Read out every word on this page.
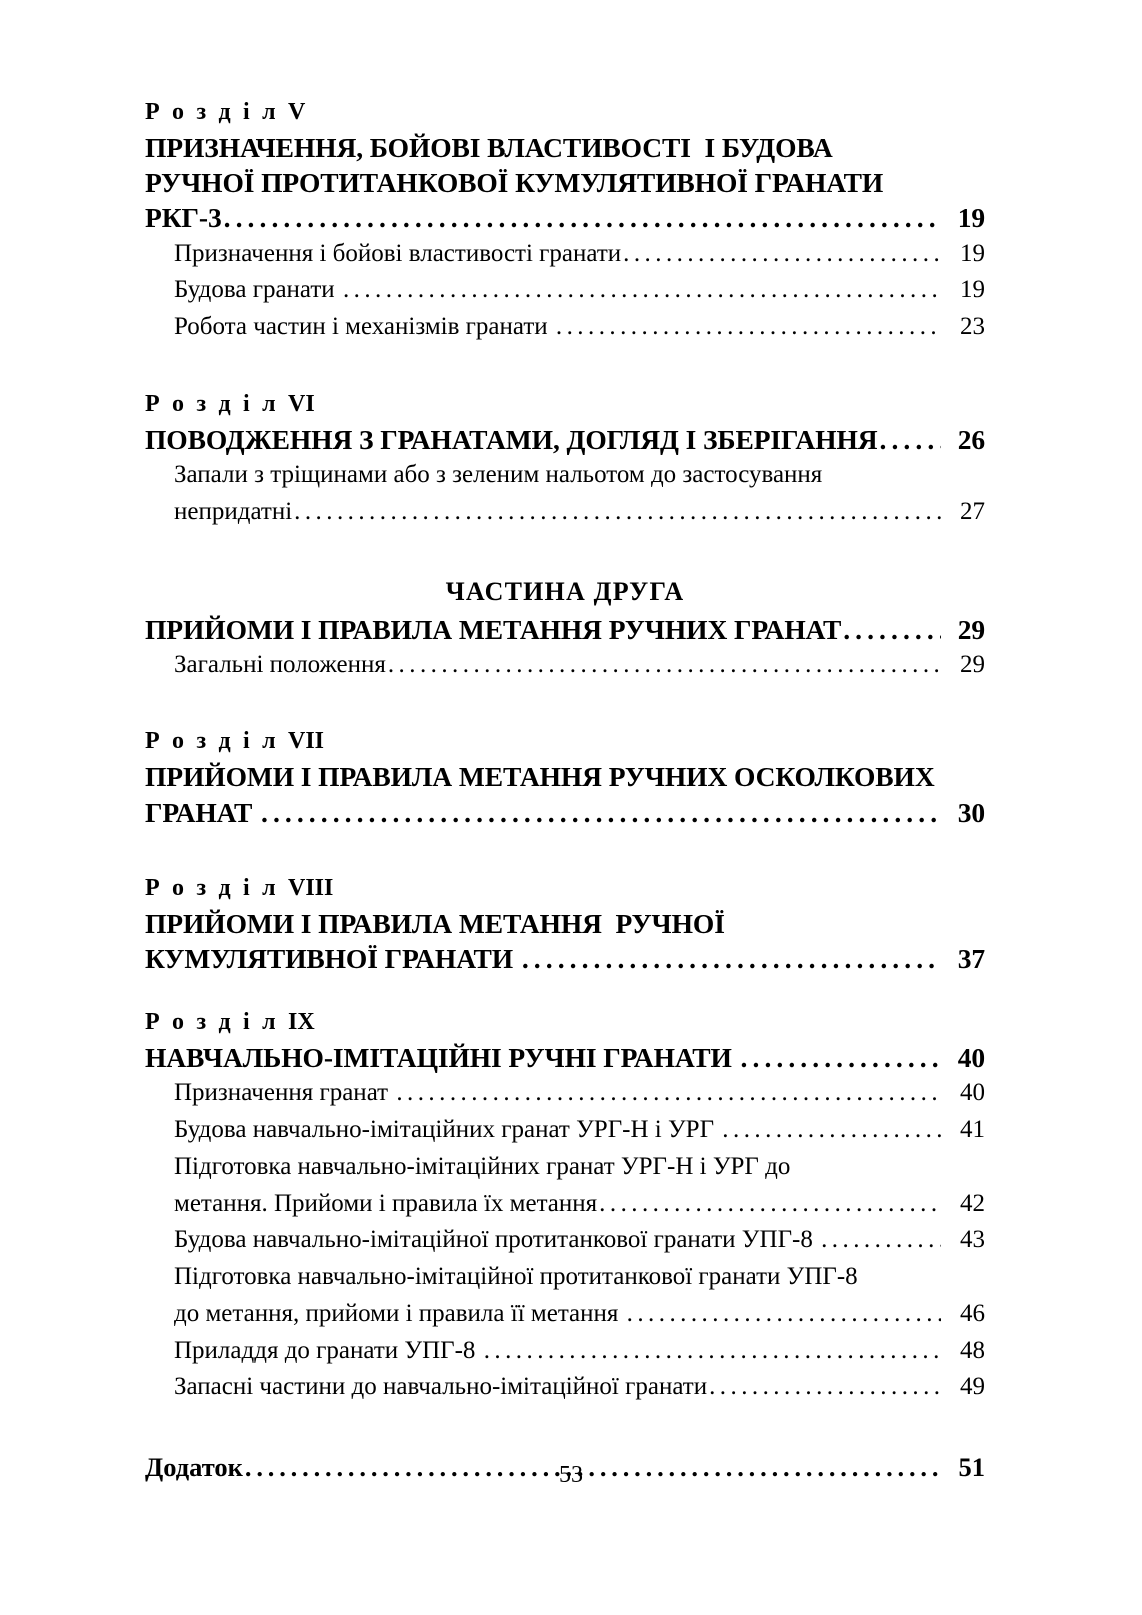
Р о з д і л V
ПРИЗНАЧЕННЯ, БОЙОВІ ВЛАСТИВОСТІ  І БУДОВА
РУЧНОЇ ПРОТИТАНКОВОЇ КУМУЛЯТИВНОЇ ГРАНАТИ
РКГ-3 . . .	19
Призначення і бойові властивості гранати . . .	19
Будова гранати . . .	19
Робота частин і механізмів гранати . . .	23
Р о з д і л VI
ПОВОДЖЕННЯ З ГРАНАТАМИ, ДОГЛЯД І ЗБЕРІГАННЯ . . .	26
Запали з тріщинами або з зеленим нальотом до застосування
непридатні . . .	27
ЧАСТИНА ДРУГА
ПРИЙОМИ І ПРАВИЛА МЕТАННЯ РУЧНИХ ГРАНАТ . . .	29
Загальні положення . . .	29
Р о з д і л VII
ПРИЙОМИ І ПРАВИЛА МЕТАННЯ РУЧНИХ ОСКОЛКОВИХ
ГРАНАТ . . .	30
Р о з д і л VIII
ПРИЙОМИ І ПРАВИЛА МЕТАННЯ  РУЧНОЇ
КУМУЛЯТИВНОЇ ГРАНАТИ . . .	37
Р о з д і л IX
НАВЧАЛЬНО-ІМІТАЦІЙНІ РУЧНІ ГРАНАТИ . . .	40
Призначення гранат . . .	40
Будова навчально-імітаційних гранат УРГ-Н і УРГ . . .	41
Підготовка навчально-імітаційних гранат УРГ-Н і УРГ до
метання. Прийоми і правила їх метання . . .	42
Будова навчально-імітаційної протитанкової гранати УПГ-8 . . .	43
Підготовка навчально-імітаційної протитанкової гранати УПГ-8
до метання, прийоми і правила її метання . . .	46
Приладдя до гранати УПГ-8 . . .	48
Запасні частини до навчально-імітаційної гранати . . .	49
Додаток . . .	51
53
